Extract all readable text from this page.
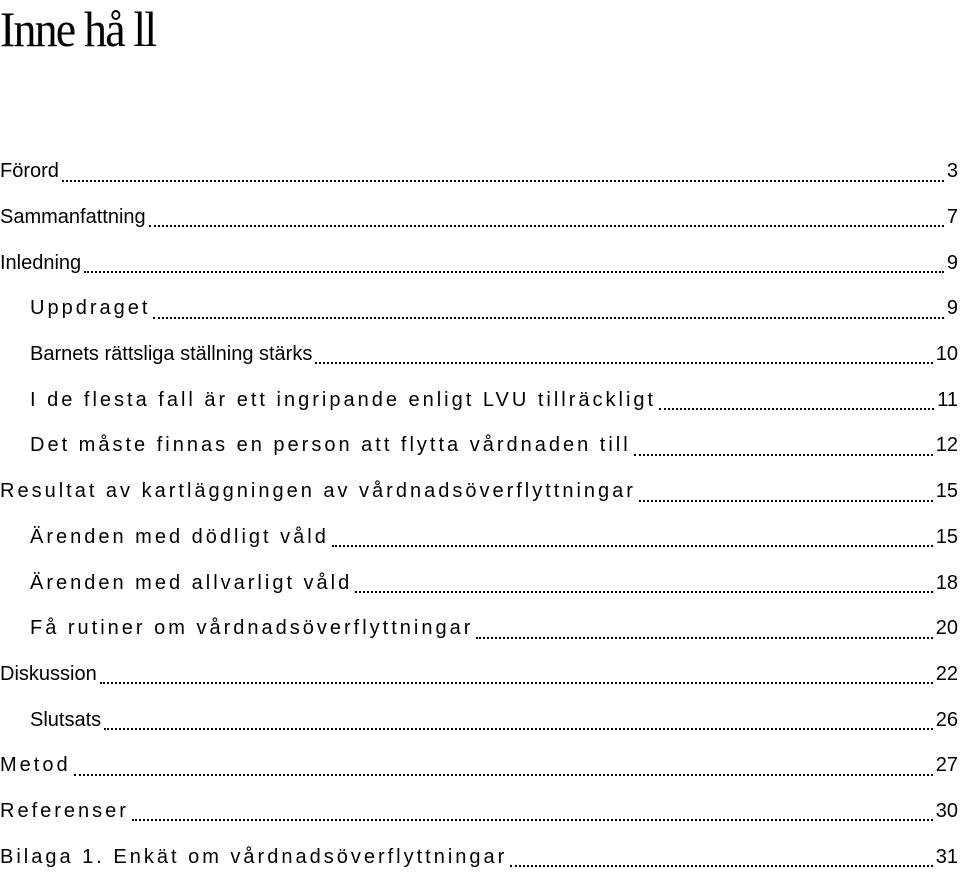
Inne hå ll
Förord	3
Sammanfattning	7
Inledning	9
Uppdraget	9
Barnets rättsliga ställning stärks	10
I de flesta fall är ett ingripande enligt LVU tillräckligt	11
Det måste finnas en person att flytta vårdnaden till	12
Resultat av kartläggningen av vårdnadsöverflyttningar	15
Ärenden med dödligt våld	15
Ärenden med allvarligt våld	18
Få rutiner om vårdnadsöverflyttningar	20
Diskussion	22
Slutsats	26
Metod	27
Referenser	30
Bilaga 1. Enkät om vårdnadsöverflyttningar	31
